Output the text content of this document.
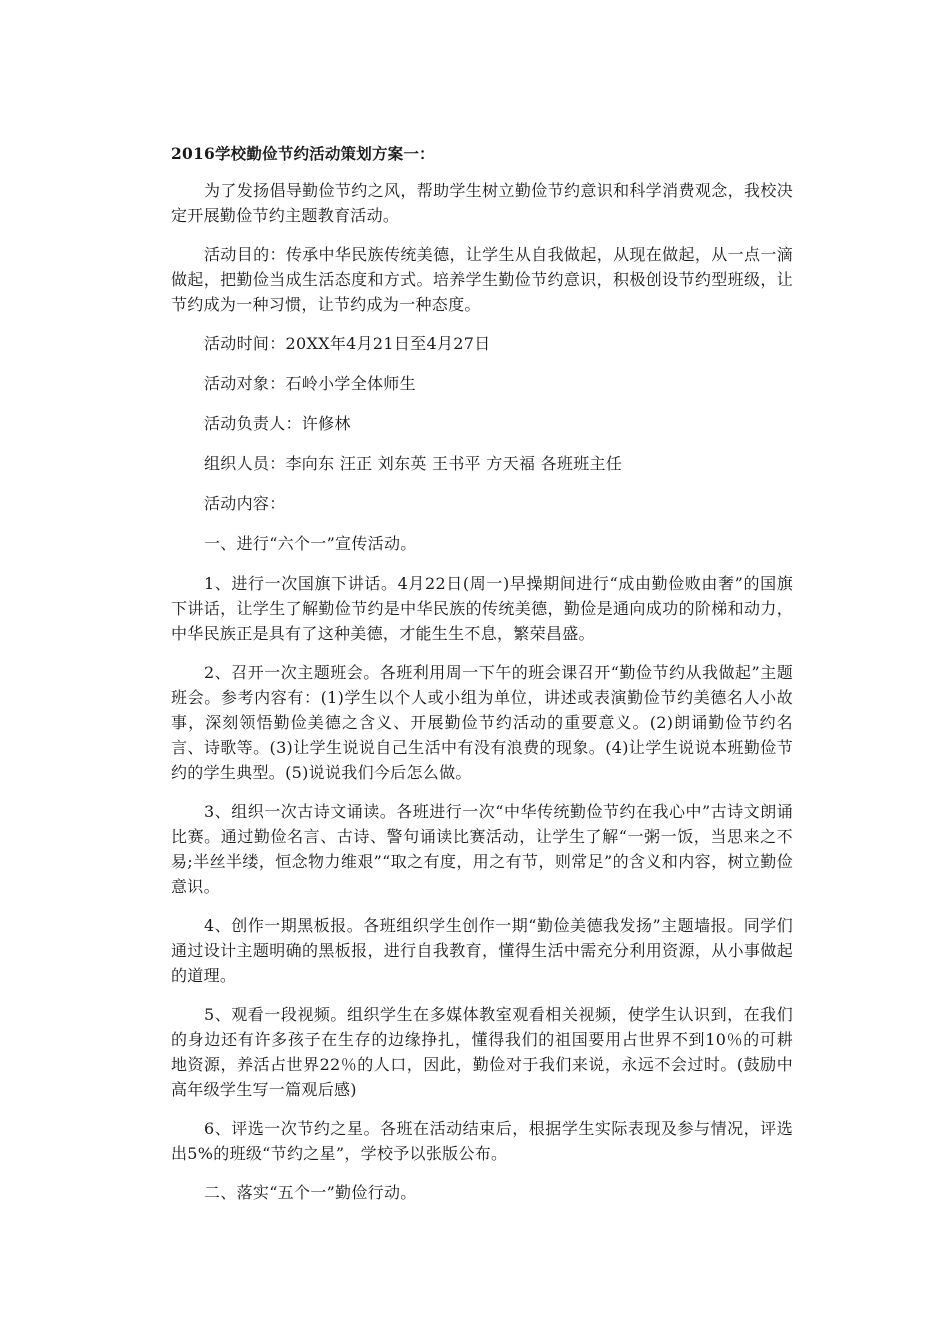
2016学校勤俭节约活动策划方案一：

为了发扬倡导勤俭节约之风，帮助学生树立勤俭节约意识和科学消费观念，我校决定开展勤俭节约主题教育活动。

活动目的：传承中华民族传统美德，让学生从自我做起，从现在做起，从一点一滴做起，把勤俭当成生活态度和方式。培养学生勤俭节约意识，积极创设节约型班级，让节约成为一种习惯，让节约成为一种态度。

活动时间：20XX年4月21日至4月27日

活动对象：石岭小学全体师生

活动负责人：许修林

组织人员：李向东 汪正 刘东英 王书平 方天福 各班班主任

活动内容：

一、进行“六个一”宣传活动。

1、进行一次国旗下讲话。4月22日(周一)早操期间进行“成由勤俭败由奢”的国旗下讲话，让学生了解勤俭节约是中华民族的传统美德，勤俭是通向成功的阶梯和动力，中华民族正是具有了这种美德，才能生生不息，繁荣昌盛。

2、召开一次主题班会。各班利用周一下午的班会课召开“勤俭节约从我做起”主题班会。参考内容有：(1)学生以个人或小组为单位，讲述或表演勤俭节约美德名人小故事，深刻领悟勤俭美德之含义、开展勤俭节约活动的重要意义。(2)朗诵勤俭节约名言、诗歌等。(3)让学生说说自己生活中有没有浪费的现象。(4)让学生说说本班勤俭节约的学生典型。(5)说说我们今后怎么做。

3、组织一次古诗文诵读。各班进行一次“中华传统勤俭节约在我心中”古诗文朗诵比赛。通过勤俭名言、古诗、警句诵读比赛活动，让学生了解“一粥一饭，当思来之不易;半丝半缕，恒念物力维艰”“取之有度，用之有节，则常足”的含义和内容，树立勤俭意识。

4、创作一期黑板报。各班组织学生创作一期“勤俭美德我发扬”主题墙报。同学们通过设计主题明确的黑板报，进行自我教育，懂得生活中需充分利用资源，从小事做起的道理。

5、观看一段视频。组织学生在多媒体教室观看相关视频，使学生认识到，在我们的身边还有许多孩子在生存的边缘挣扎，懂得我们的祖国要用占世界不到10％的可耕地资源，养活占世界22％的人口，因此，勤俭对于我们来说，永远不会过时。(鼓励中高年级学生写一篇观后感)

6、评选一次节约之星。各班在活动结束后，根据学生实际表现及参与情况，评选出5%的班级“节约之星”，学校予以张版公布。

二、落实“五个一”勤俭行动。
